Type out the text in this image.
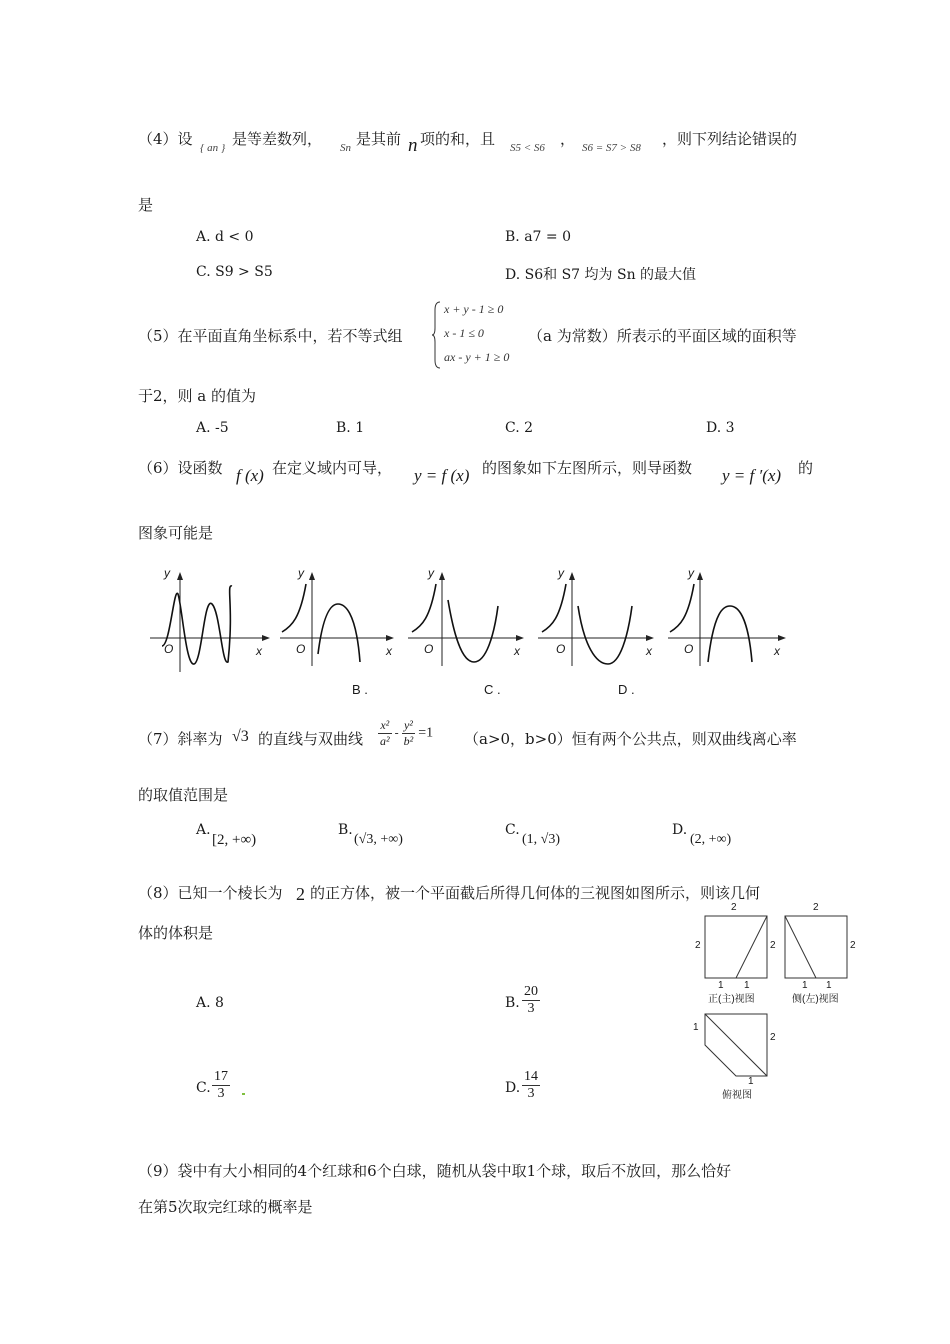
（4）设 { an } 是等差数列， Sn 是其前 n 项的和，且 S5 < S6 ， S6 = S7 > S8 ，则下列结论错误的
是
A. d < 0	B. a7 = 0
C. S9 > S5	D. S6和 S7 均为 Sn 的最大值
（5）在平面直角坐标系中，若不等式组
x + y - 1 ≥ 0
x - 1 ≤ 0
ax - y + 1 ≥ 0
（a 为常数）所表示的平面区域的面积等
于2，则 a 的值为
A. -5	B. 1	C. 2	D. 3
（6）设函数 f (x) 在定义域内可导， y = f (x) 的图象如下左图所示，则导函数 y = f ′(x) 的
图象可能是
y
x
O
y
x
O
y
x
O
y
x
O
y
x
O
B .	C .	D .
（7）斜率为 √3 的直线与双曲线 $\frac{\text{x²}}{\text{a²}} - \frac{\text{y²}}{\text{b²}} =1$ （a>0，b>0）恒有两个公共点，则双曲线离心率
的取值范围是
A.
[2, +∞)
B.
(√3, +∞)
C.
(1, √3)
D.
(2, +∞)
（8）已知一个棱长为 2 的正方体，被一个平面截后所得几何体的三视图如图所示，则该几何
体的体积是
A. 8	B. $\frac{20}{3}$
C. $\frac{17}{3}$	D. $\frac{14}{3}$
2
2	2
1 1
正(主)视图
2
2
1 1
侧(左)视图
1
2
1
俯视图
（9）袋中有大小相同的4个红球和6个白球，随机从袋中取1个球，取后不放回，那么恰好
在第5次取完红球的概率是
